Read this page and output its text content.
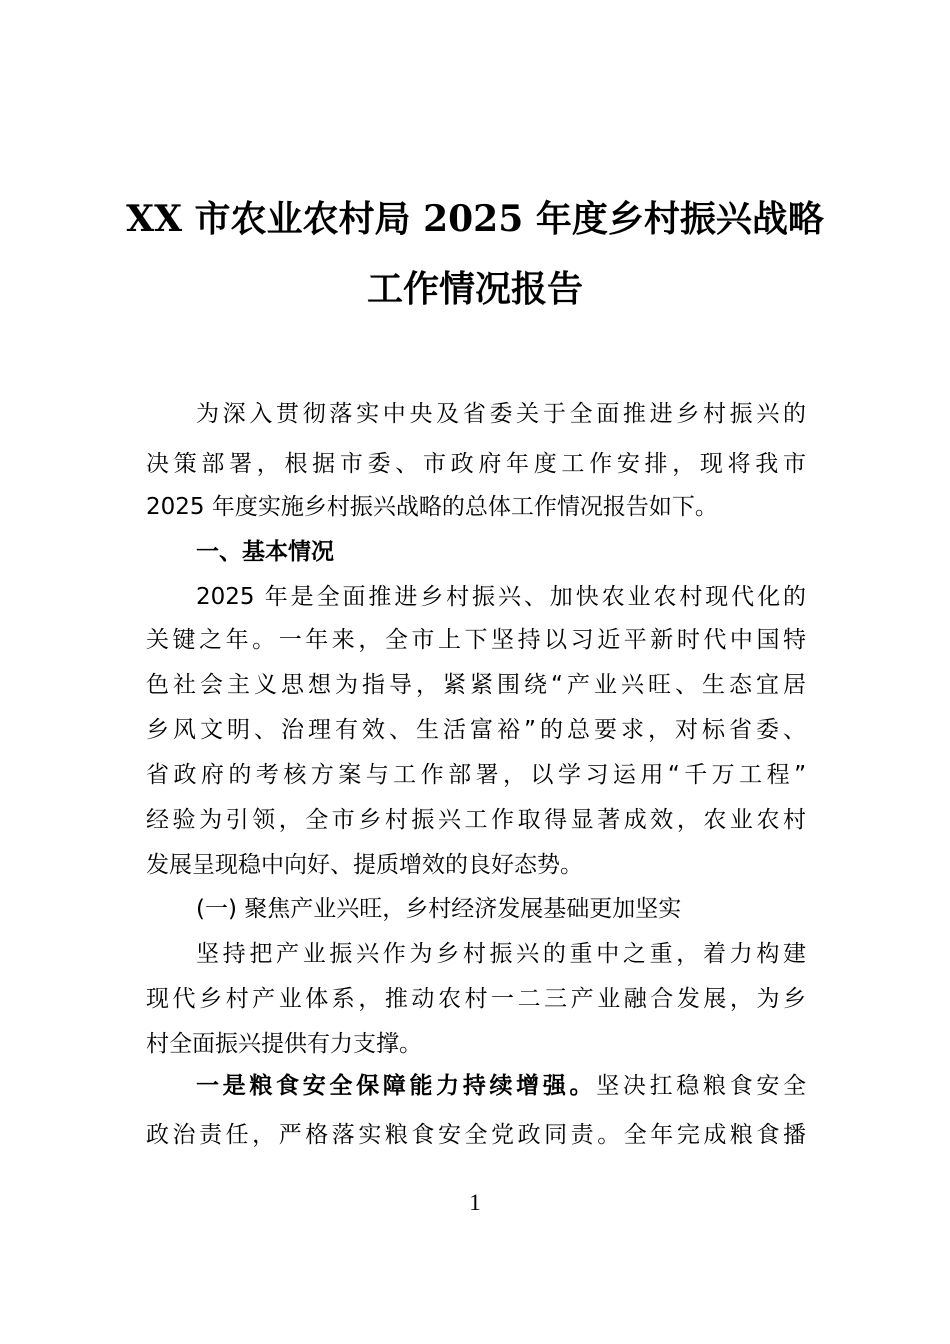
XX 市农业农村局 2025 年度乡村振兴战略
工作情况报告
为深入贯彻落实中央及省委关于全面推进乡村振兴的
决策部署，根据市委、市政府年度工作安排，现将我市
2025 年度实施乡村振兴战略的总体工作情况报告如下。
一、基本情况
2025 年是全面推进乡村振兴、加快农业农村现代化的
关键之年。一年来，全市上下坚持以习近平新时代中国特
色社会主义思想为指导，紧紧围绕“产业兴旺、生态宜居
乡风文明、治理有效、生活富裕”的总要求，对标省委、
省政府的考核方案与工作部署，以学习运用“千万工程”
经验为引领，全市乡村振兴工作取得显著成效，农业农村
发展呈现稳中向好、提质增效的良好态势。
(一) 聚焦产业兴旺，乡村经济发展基础更加坚实
坚持把产业振兴作为乡村振兴的重中之重，着力构建
现代乡村产业体系，推动农村一二三产业融合发展，为乡
村全面振兴提供有力支撑。
一是粮食安全保障能力持续增强。坚决扛稳粮食安全
政治责任，严格落实粮食安全党政同责。全年完成粮食播
1
